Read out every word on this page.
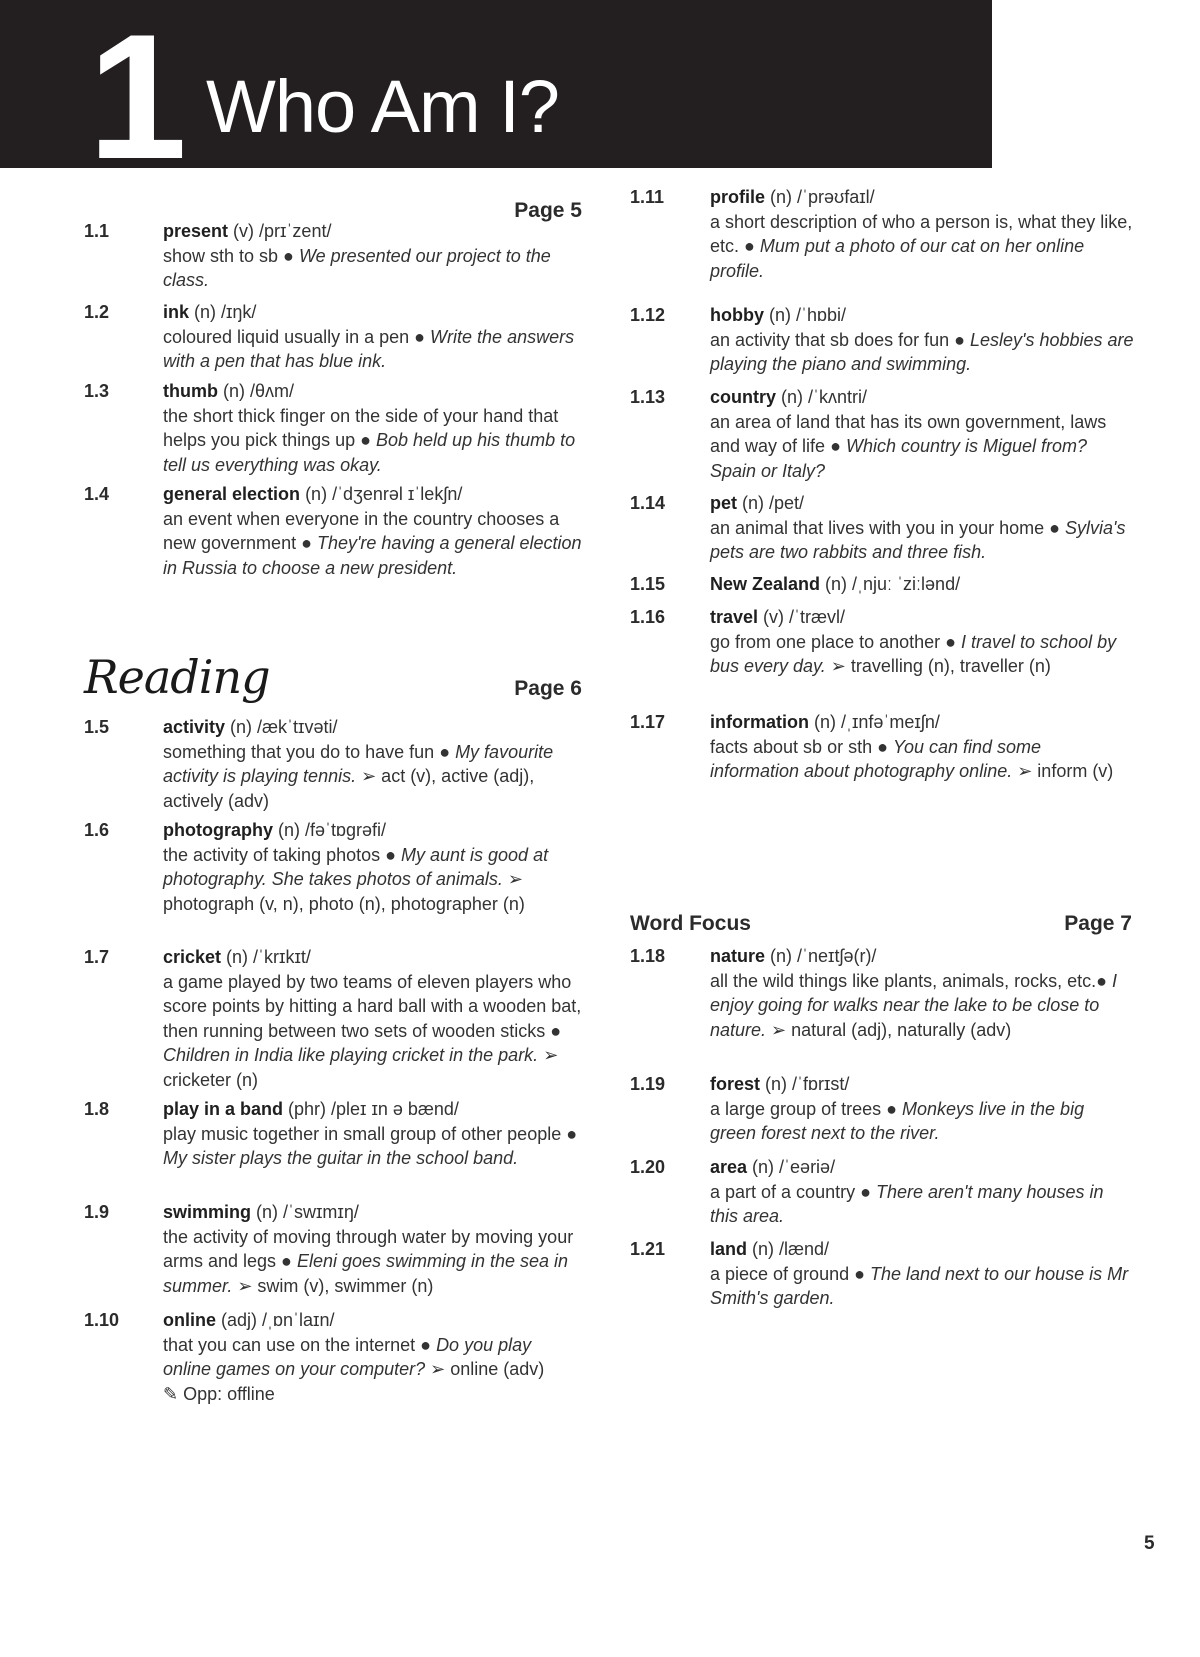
1 Who Am I?
Page 5
1.1	present (v) /prɪˈzent/

show sth to sb ● We presented our project to the class.

1.2	ink (n) /ɪŋk/

coloured liquid usually in a pen ● Write the answers with a pen that has blue ink.

1.3	thumb (n) /θʌm/

the short thick finger on the side of your hand that helps you pick things up ● Bob held up his thumb to tell us everything was okay.

1.4	general election (n) /ˈdʒenrəl ɪˈlekʃn/

an event when everyone in the country chooses a new government ● They're having a general election in Russia to choose a new president.

Reading	Page 6
1.5	activity (n) /ækˈtɪvəti/

something that you do to have fun ● My favourite activity is playing tennis. ➢ act (v), active (adj), actively (adv)

1.6	photography (n) /fəˈtɒgrəfi/

the activity of taking photos ● My aunt is good at photography. She takes photos of animals. ➢ photograph (v, n), photo (n), photographer (n)

1.7	cricket (n) /ˈkrɪkɪt/

a game played by two teams of eleven players who score points by hitting a hard ball with a wooden bat, then running between two sets of wooden sticks ● Children in India like playing cricket in the park. ➢ cricketer (n)

1.8	play in a band (phr) /pleɪ ɪn ə bænd/

play music together in small group of other people ● My sister plays the guitar in the school band.

1.9	swimming (n) /ˈswɪmɪŋ/

the activity of moving through water by moving your arms and legs ● Eleni goes swimming in the sea in summer. ➢ swim (v), swimmer (n)

1.10 online (adj) /ˌɒnˈlaɪn/

that you can use on the internet ● Do you play online games on your computer? ➢ online (adv)

✎ Opp: offline

1.11	profile (n) /ˈprəʊfaɪl/

a short description of who a person is, what they like, etc. ● Mum put a photo of our cat on her online profile.

1.12 hobby (n) /ˈhɒbi/

an activity that sb does for fun ● Lesley's hobbies are playing the piano and swimming.

1.13 country (n) /ˈkʌntri/

an area of land that has its own government, laws and way of life ● Which country is Miguel from? Spain or Italy?

1.14 pet (n) /pet/

an animal that lives with you in your home ● Sylvia's pets are two rabbits and three fish.

1.15 New Zealand (n) /ˌnjuː ˈziːlənd/

1.16 travel (v) /ˈtrævl/

go from one place to another ● I travel to school by bus every day. ➢ travelling (n), traveller (n)

1.17 information (n) /ˌɪnfəˈmeɪʃn/

facts about sb or sth ● You can find some information about photography online. ➢ inform (v)

Word Focus	Page 7
1.18 nature (n) /ˈneɪtʃə(r)/

all the wild things like plants, animals, rocks, etc.● I enjoy going for walks near the lake to be close to nature. ➢ natural (adj), naturally (adv)

1.19 forest (n) /ˈfɒrɪst/

a large group of trees ● Monkeys live in the big green forest next to the river.

1.20 area (n) /ˈeəriə/

a part of a country ● There aren't many houses in this area.

1.21 land (n) /lænd/

a piece of ground ● The land next to our house is Mr Smith's garden.

5
